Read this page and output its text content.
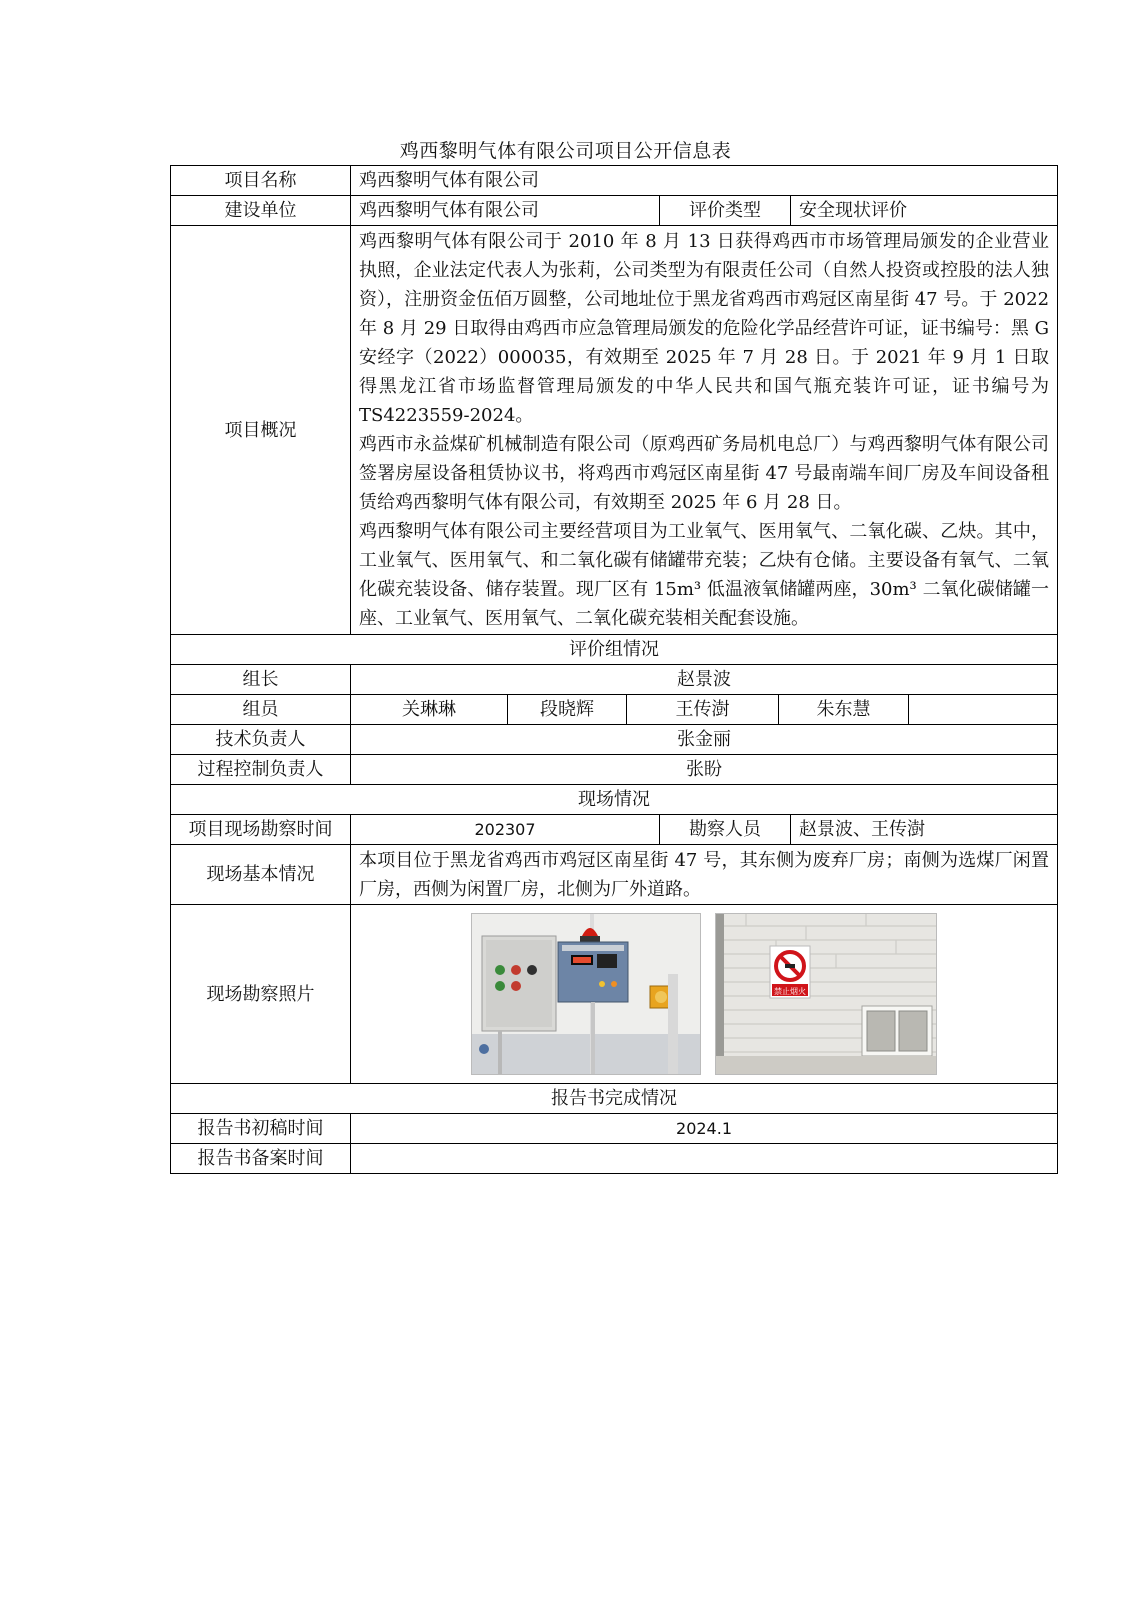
鸡西黎明气体有限公司项目公开信息表
项目名称	鸡西黎明气体有限公司						
建设单位	鸡西黎明气体有限公司			评价类型		安全现状评价	
项目概况	鸡西黎明气体有限公司于 2010 年 8 月 13 日获得鸡西市市场管理局颁发的企业营业执照，企业法定代表人为张莉，公司类型为有限责任公司（自然人投资或控股的法人独资），注册资金伍佰万圆整，公司地址位于黑龙省鸡西市鸡冠区南星街 47 号。于 2022 年 8 月 29 日取得由鸡西市应急管理局颁发的危险化学品经营许可证，证书编号：黑 G 安经字（2022）000035，有效期至 2025 年 7 月 28 日。于 2021 年 9 月 1 日取得黑龙江省市场监督管理局颁发的中华人民共和国气瓶充装许可证，证书编号为 TS4223559-2024。

鸡西市永益煤矿机械制造有限公司（原鸡西矿务局机电总厂）与鸡西黎明气体有限公司签署房屋设备租赁协议书，将鸡西市鸡冠区南星街 47 号最南端车间厂房及车间设备租赁给鸡西黎明气体有限公司，有效期至 2025 年 6 月 28 日。

鸡西黎明气体有限公司主要经营项目为工业氧气、医用氧气、二氧化碳、乙炔。其中，工业氧气、医用氧气、和二氧化碳有储罐带充装；乙炔有仓储。主要设备有氧气、二氧化碳充装设备、储存装置。现厂区有 15m³ 低温液氧储罐两座，30m³ 二氧化碳储罐一座、工业氧气、医用氧气、二氧化碳充装相关配套设施。						

评价组情况							
组长	赵景波						
组员	关琳琳	段晓辉	王传澍		朱东慧		
技术负责人	张金丽						
过程控制负责人	张盼						
现场情况							
项目现场勘察时间	202307			勘察人员		赵景波、王传澍	
现场基本情况	本项目位于黑龙省鸡西市鸡冠区南星街 47 号，其东侧为废弃厂房；南侧为选煤厂闲置厂房，西侧为闲置厂房，北侧为厂外道路。						
现场勘察照片	禁止烟火						

报告书完成情况							
报告书初稿时间	2024.1						
报告书备案时间							
